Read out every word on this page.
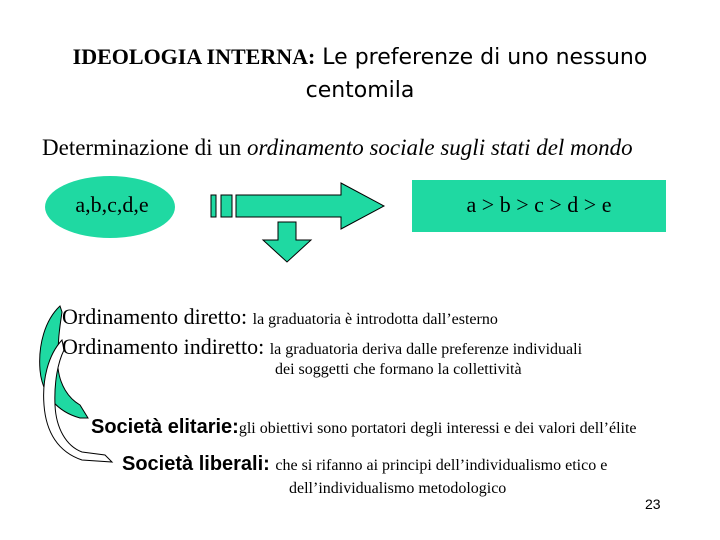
IDEOLOGIA INTERNA: Le preferenze di uno nessuno
centomila
Determinazione di un ordinamento sociale sugli stati del mondo
a,b,c,d,e	a > b > c > d > e
Ordinamento diretto: la graduatoria è introdotta dall’esterno
Ordinamento indiretto: la graduatoria deriva dalle preferenze individuali
dei soggetti che formano la collettività
Società elitarie:gli obiettivi sono portatori degli interessi e dei valori dell’élite
Società liberali: che si rifanno ai principi dell’individualismo etico e
dell’individualismo metodologico
23
